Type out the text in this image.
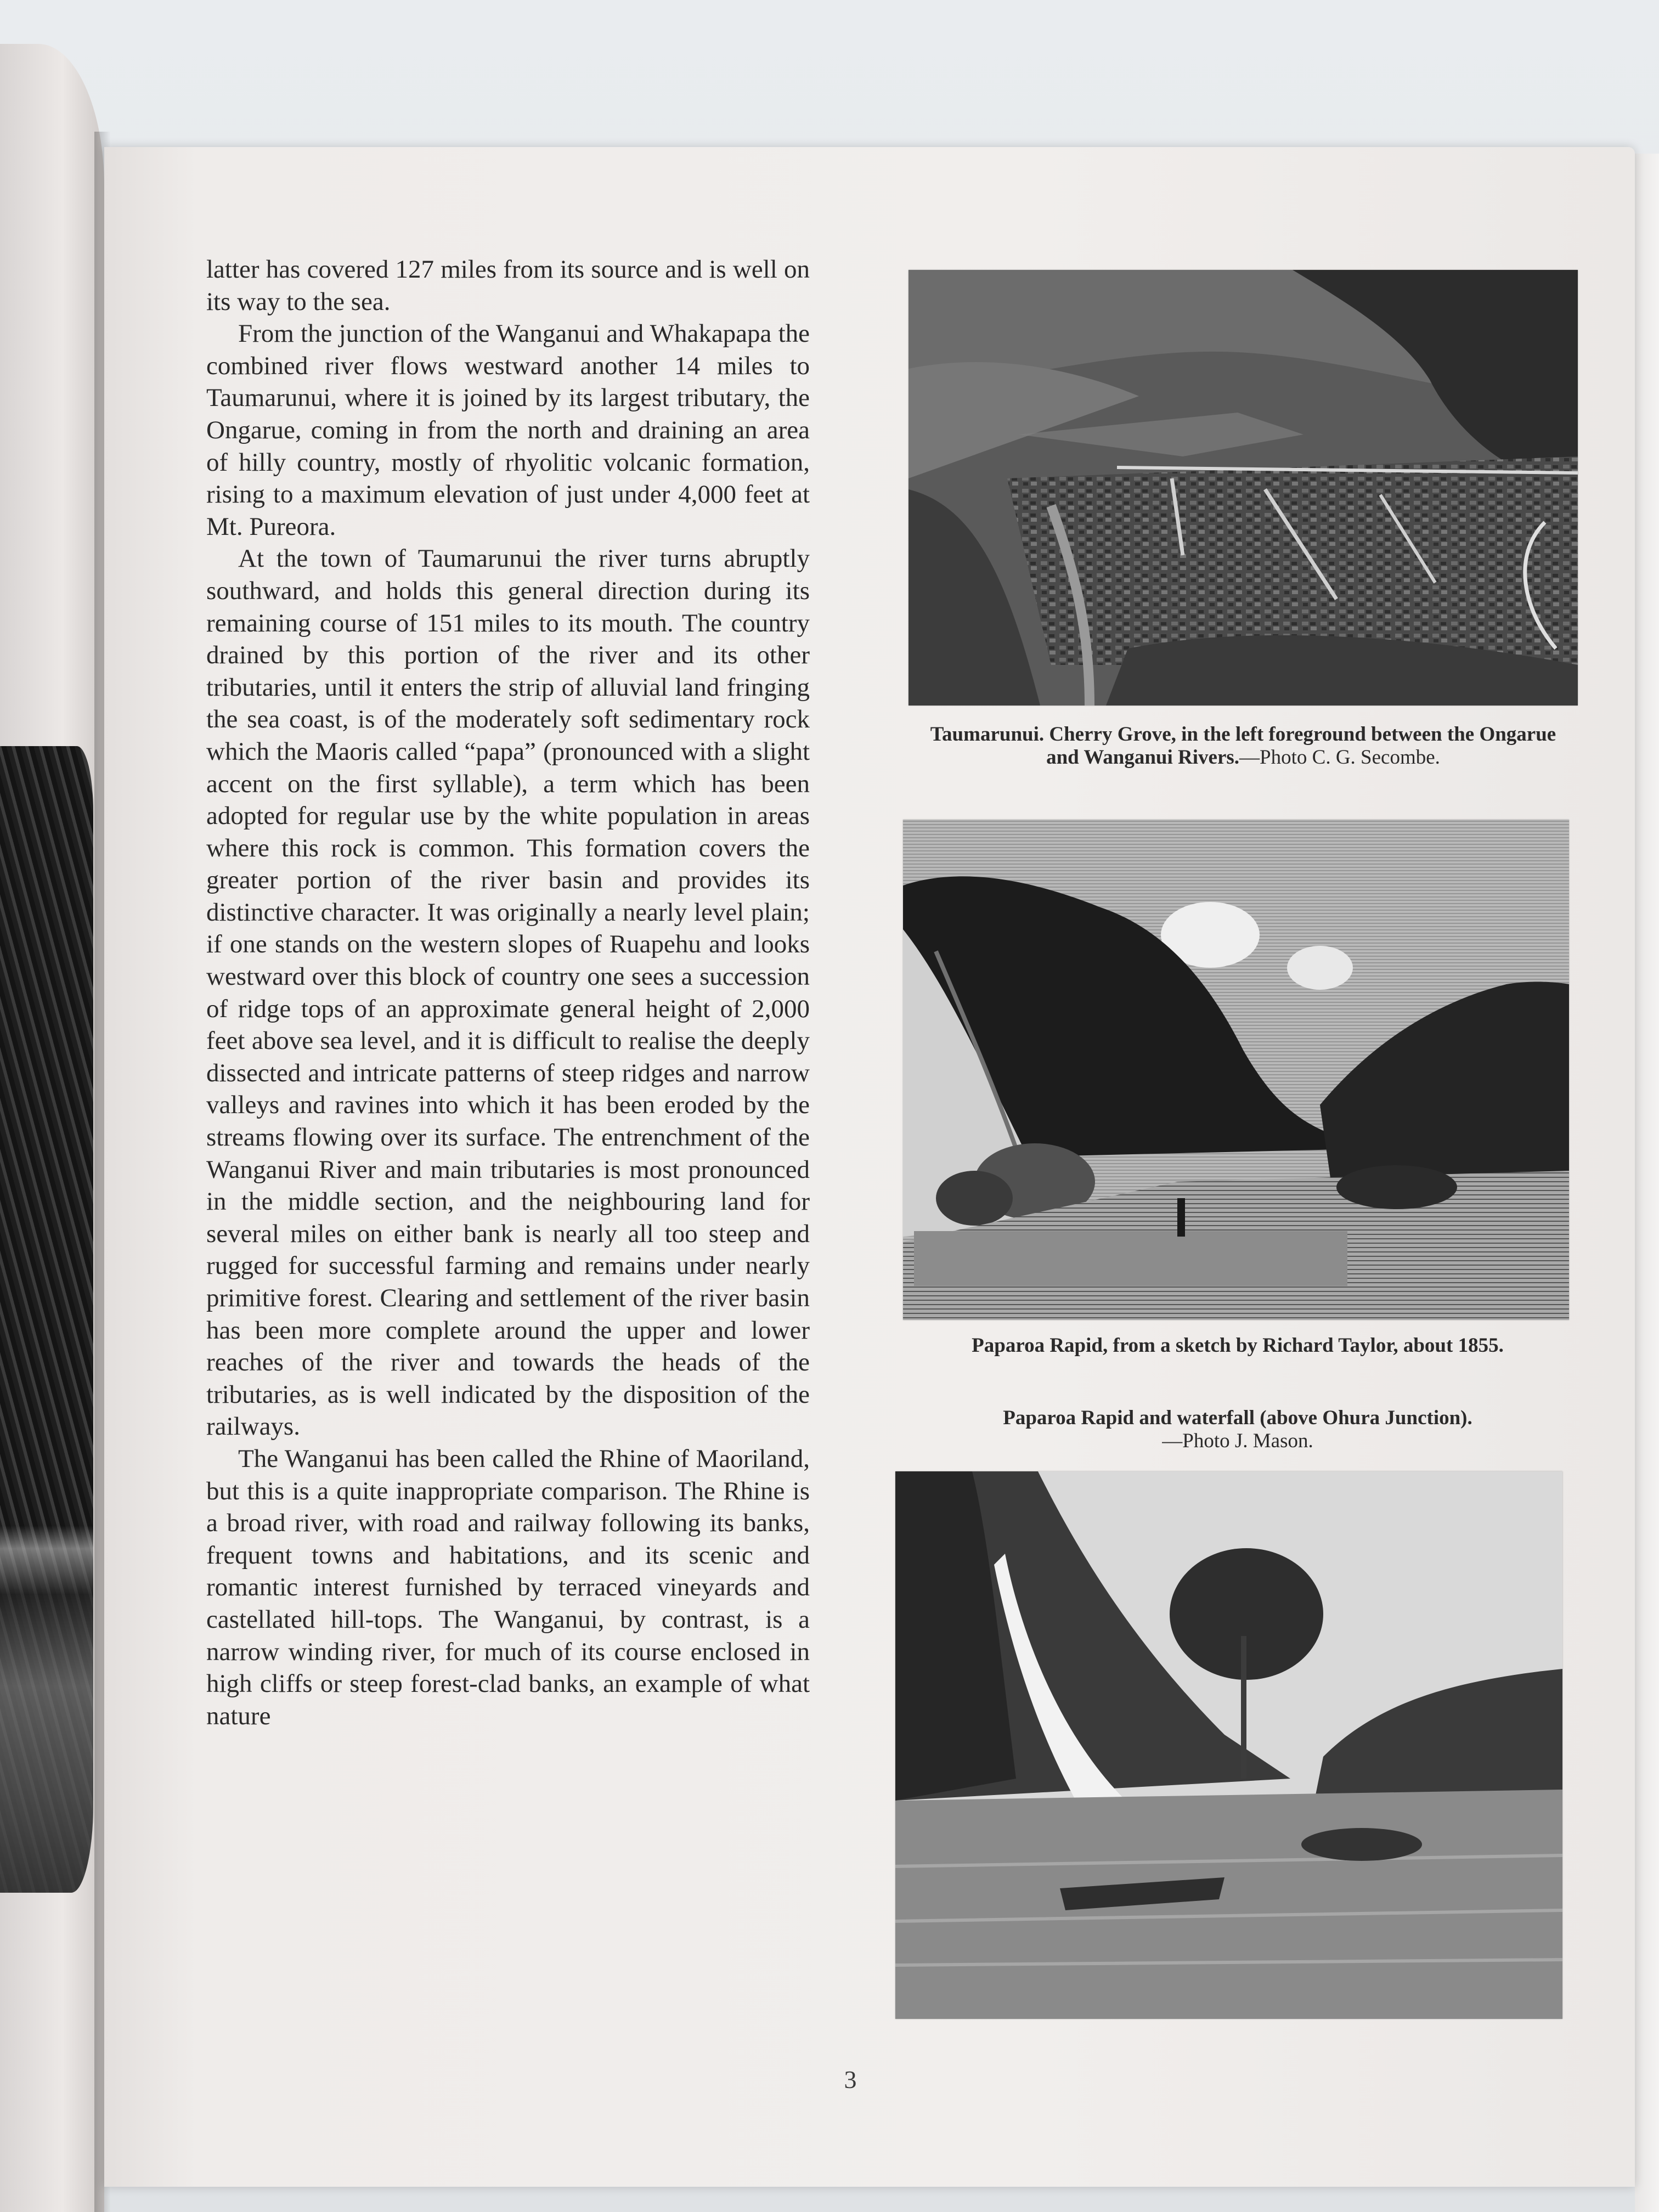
latter has covered 127 miles from its source and is well on its way to the sea.

From the junction of the Wanganui and Whakapapa the combined river flows westward another 14 miles to Taumarunui, where it is joined by its largest tributary, the Ongarue, coming in from the north and draining an area of hilly country, mostly of rhyolitic volcanic formation, rising to a maximum elevation of just under 4,000 feet at Mt. Pureora.

At the town of Taumarunui the river turns abruptly southward, and holds this general direction during its remaining course of 151 miles to its mouth. The country drained by this portion of the river and its other tributaries, until it enters the strip of alluvial land fringing the sea coast, is of the moderately soft sedimentary rock which the Maoris called “papa” (pronounced with a slight accent on the first syllable), a term which has been adopted for regular use by the white population in areas where this rock is common. This formation covers the greater portion of the river basin and provides its distinctive character. It was originally a nearly level plain; if one stands on the western slopes of Ruapehu and looks westward over this block of country one sees a succession of ridge tops of an approximate general height of 2,000 feet above sea level, and it is difficult to realise the deeply dissected and intricate patterns of steep ridges and narrow valleys and ravines into which it has been eroded by the streams flowing over its surface. The entrenchment of the Wanganui River and main tributaries is most pronounced in the middle section, and the neighbouring land for several miles on either bank is nearly all too steep and rugged for successful farming and remains under nearly primitive forest. Clearing and settlement of the river basin has been more complete around the upper and lower reaches of the river and towards the heads of the tributaries, as is well indicated by the disposition of the railways.

The Wanganui has been called the Rhine of Maoriland, but this is a quite inappropriate comparison. The Rhine is a broad river, with road and railway following its banks, frequent towns and habitations, and its scenic and romantic interest furnished by terraced vineyards and castellated hill-tops. The Wanganui, by contrast, is a narrow winding river, for much of its course enclosed in high cliffs or steep forest-clad banks, an example of what nature

Taumarunui. Cherry Grove, in the left foreground between the Ongarue and Wanganui Rivers.—Photo C. G. Secombe.
Paparoa Rapid, from a sketch by Richard Taylor, about 1855.
Paparoa Rapid and waterfall (above Ohura Junction).
—Photo J. Mason.
3
